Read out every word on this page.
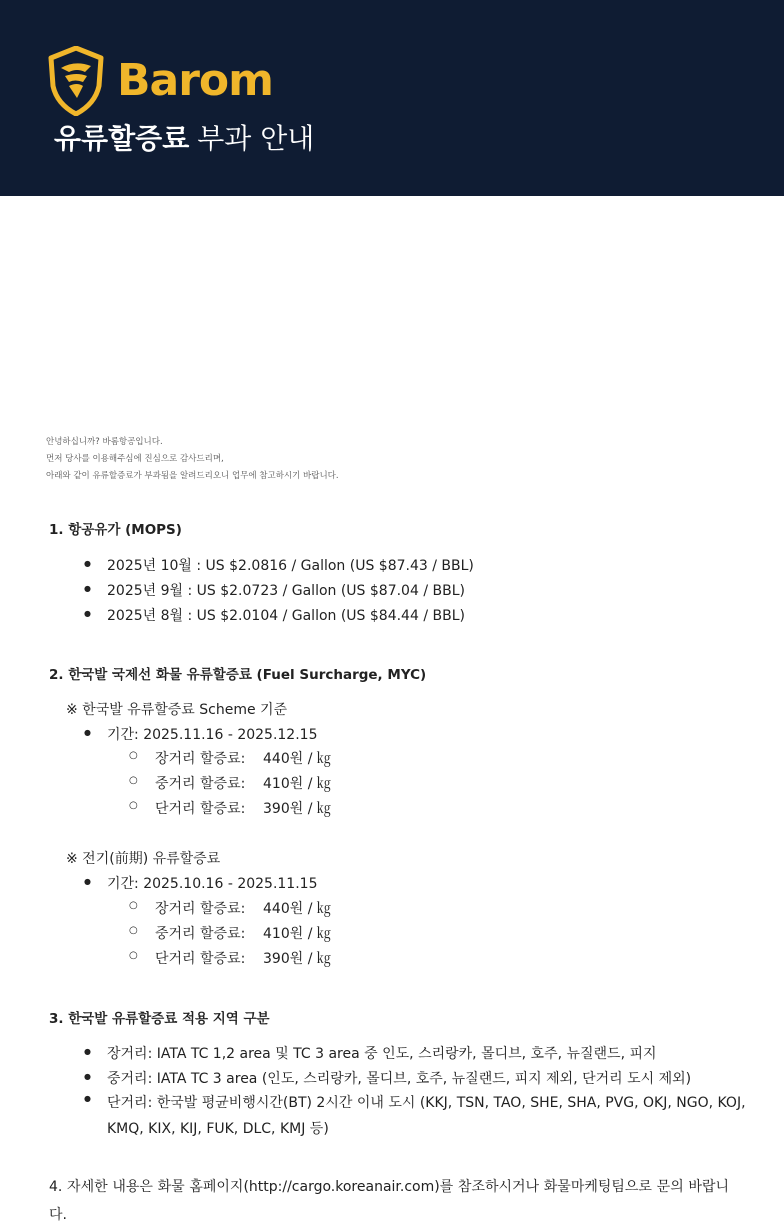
Barom
유류할증료 부과 안내
안녕하십니까? 바롬항공입니다.
먼저 당사를 이용해주심에 진심으로 감사드리며,
아래와 같이 유류할증료가 부과됨을 알려드리오니 업무에 참고하시기 바랍니다.
1. 항공유가 (MOPS)
● 2025년 10월 : US $2.0816 / Gallon (US $87.43 / BBL)
● 2025년 9월 : US $2.0723 / Gallon (US $87.04 / BBL)
● 2025년 8월 : US $2.0104 / Gallon (US $84.44 / BBL)
2. 한국발 국제선 화물 유류할증료 (Fuel Surcharge, MYC)
※ 한국발 유류할증료 Scheme 기준
● 기간: 2025.11.16 - 2025.12.15
○ 장거리 할증료: 440원 / ㎏
○ 중거리 할증료: 410원 / ㎏
○ 단거리 할증료: 390원 / ㎏
※ 전기(前期) 유류할증료
● 기간: 2025.10.16 - 2025.11.15
○ 장거리 할증료: 440원 / ㎏
○ 중거리 할증료: 410원 / ㎏
○ 단거리 할증료: 390원 / ㎏
3. 한국발 유류할증료 적용 지역 구분
● 장거리: IATA TC 1,2 area 및 TC 3 area 중 인도, 스리랑카, 몰디브, 호주, 뉴질랜드, 피지
● 중거리: IATA TC 3 area (인도, 스리랑카, 몰디브, 호주, 뉴질랜드, 피지 제외, 단거리 도시 제외)
● 단거리: 한국발 평균비행시간(BT) 2시간 이내 도시 (KKJ, TSN, TAO, SHE, SHA, PVG, OKJ, NGO, KOJ, KMQ, KIX, KIJ, FUK, DLC, KMJ 등)
4. 자세한 내용은 화물 홈페이지(http://cargo.koreanair.com)를 참조하시거나 화물마케팅팀으로 문의 바랍니다.
